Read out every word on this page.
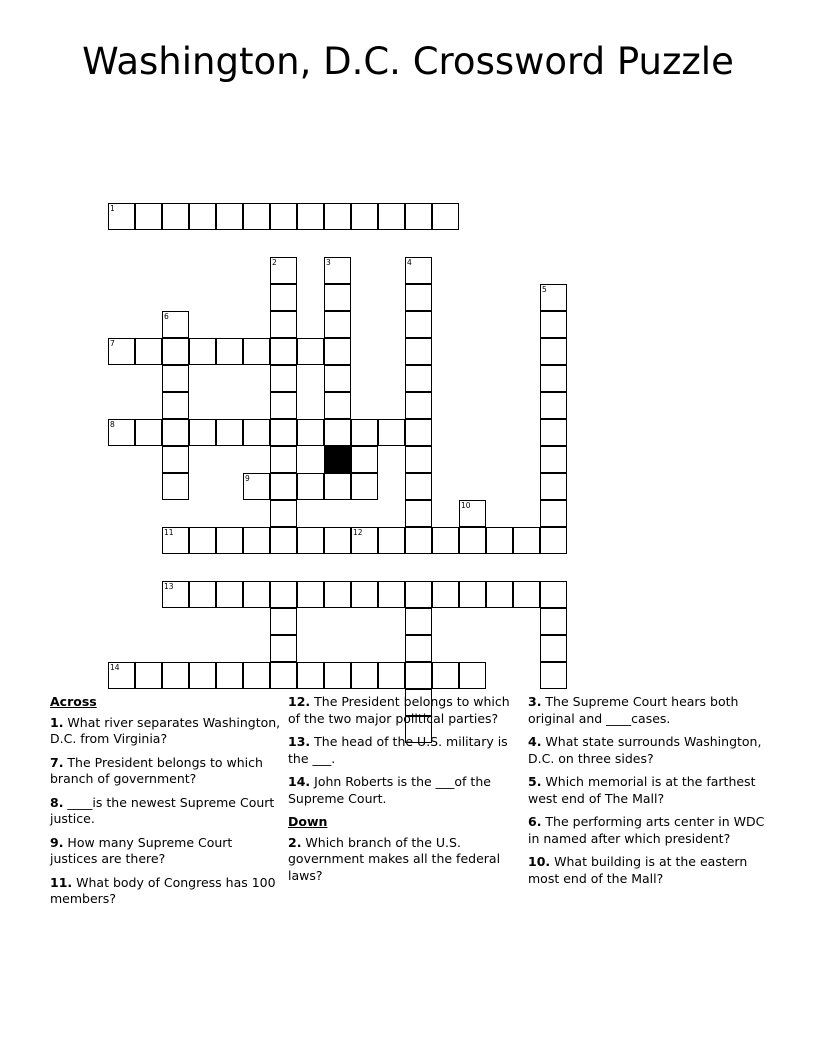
Washington, D.C. Crossword Puzzle
1
2	3	4
5
6
7
8
9
10
11	12
13
14
Across
1. What river separates Washington, D.C. from Virginia?
7. The President belongs to which branch of government?
8. ____is the newest Supreme Court justice.
9. How many Supreme Court justices are there?
11. What body of Congress has 100 members?
12. The President belongs to which of the two major political parties?
13. The head of the U.S. military is the ___.
14. John Roberts is the ___of the Supreme Court.
Down
2. Which branch of the U.S. government makes all the federal laws?
3. The Supreme Court hears both original and ____cases.
4. What state surrounds Washington, D.C. on three sides?
5. Which memorial is at the farthest west end of The Mall?
6. The performing arts center in WDC in named after which president?
10. What building is at the eastern most end of the Mall?
